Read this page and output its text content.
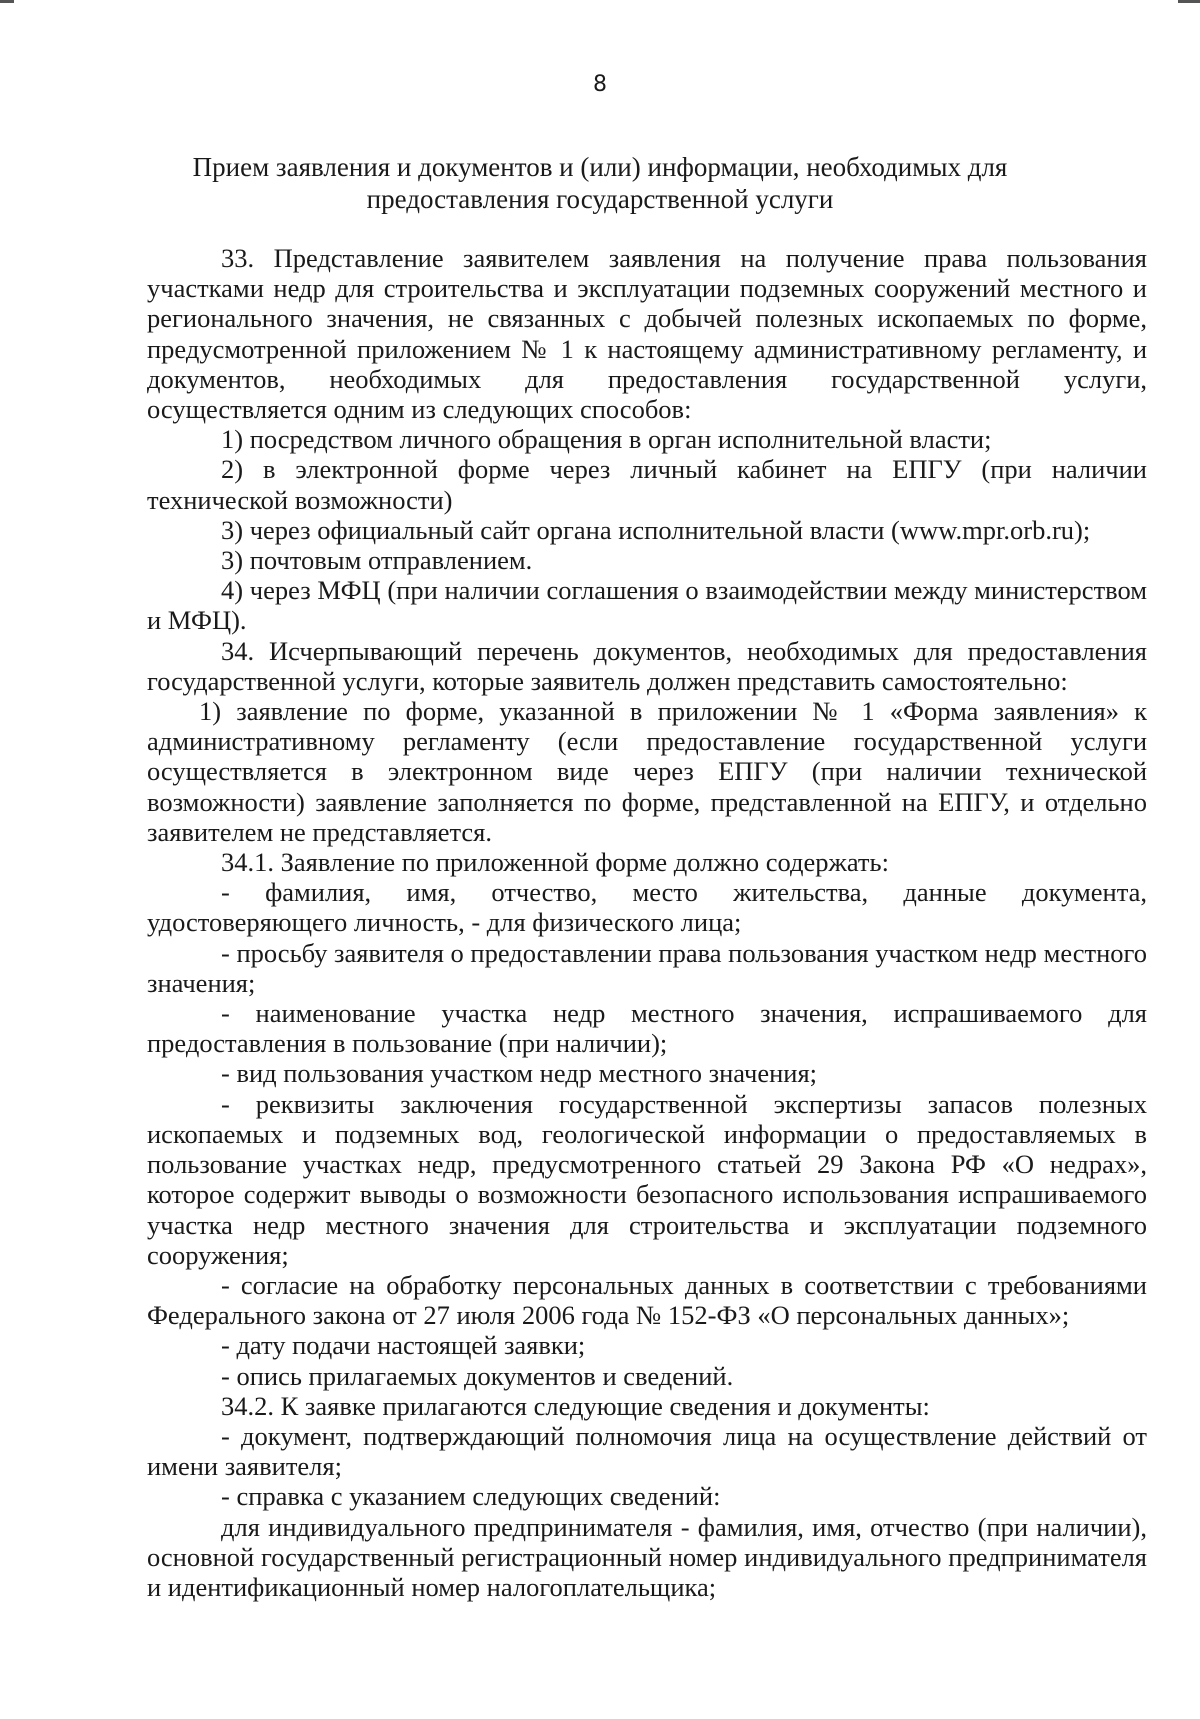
8
Прием заявления и документов и (или) информации, необходимых для
предоставления государственной услуги

33. Представление заявителем заявления на получение права пользования участками недр для строительства и эксплуатации подземных сооружений местного и регионального значения, не связанных с добычей полезных ископаемых по форме, предусмотренной приложением № 1 к настоящему административному регламенту, и документов, необходимых для предоставления государственной услуги, осуществляется одним из следующих способов:

1) посредством личного обращения в орган исполнительной власти;

2) в электронной форме через личный кабинет на ЕПГУ (при наличии технической возможности)

3) через официальный сайт органа исполнительной власти (www.mpr.orb.ru);

3) почтовым отправлением.

4) через МФЦ (при наличии соглашения о взаимодействии между министерством и МФЦ).

34. Исчерпывающий перечень документов, необходимых для предоставления государственной услуги, которые заявитель должен представить самостоятельно:

1) заявление по форме, указанной в приложении № 1 «Форма заявления» к административному регламенту (если предоставление государственной услуги осуществляется в электронном виде через ЕПГУ (при наличии технической возможности) заявление заполняется по форме, представленной на ЕПГУ, и отдельно заявителем не представляется.

34.1. Заявление по приложенной форме должно содержать:

- фамилия, имя, отчество, место жительства, данные документа, удостоверяющего личность, - для физического лица;

- просьбу заявителя о предоставлении права пользования участком недр местного значения;

- наименование участка недр местного значения, испрашиваемого для предоставления в пользование (при наличии);

- вид пользования участком недр местного значения;

- реквизиты заключения государственной экспертизы запасов полезных ископаемых и подземных вод, геологической информации о предоставляемых в пользование участках недр, предусмотренного статьей 29 Закона РФ «О недрах», которое содержит выводы о возможности безопасного использования испрашиваемого участка недр местного значения для строительства и эксплуатации подземного сооружения;

- согласие на обработку персональных данных в соответствии с требованиями Федерального закона от 27 июля 2006 года № 152-ФЗ «О персональных данных»;

- дату подачи настоящей заявки;

- опись прилагаемых документов и сведений.

34.2. К заявке прилагаются следующие сведения и документы:

- документ, подтверждающий полномочия лица на осуществление действий от имени заявителя;

- справка с указанием следующих сведений:

для индивидуального предпринимателя - фамилия, имя, отчество (при наличии), основной государственный регистрационный номер индивидуального предпринимателя и идентификационный номер налогоплательщика;
